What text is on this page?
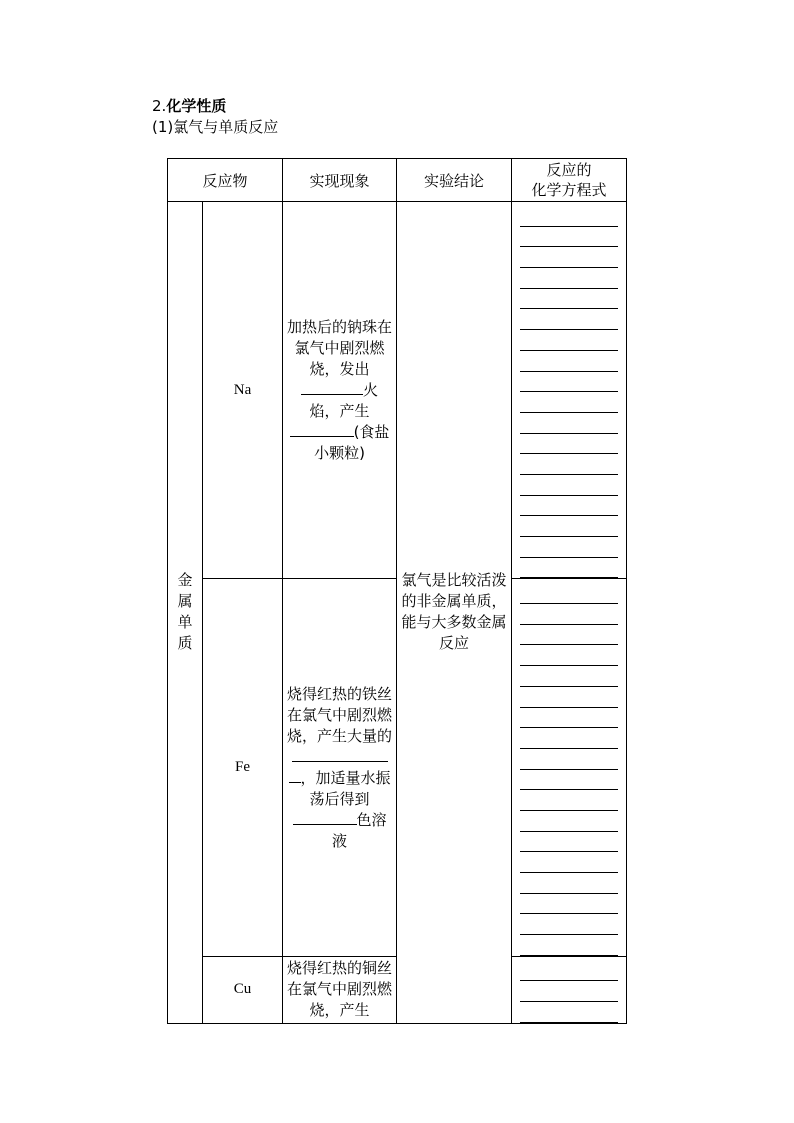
2.化学性质
(1)氯气与单质反应
反应物		实现现象	实验结论	反应的
化学方程式

金
属
单
质	Na	加热后的钠珠在氯气中剧烈燃烧，发出火焰，产生(食盐小颗粒)	氯气是比较活泼的非金属单质，能与大多数金属反应	

	Fe	烧得红热的铁丝在氯气中剧烈燃烧，产生大量的，加适量水振荡后得到色溶液		

	Cu	烧得红热的铜丝在氯气中剧烈燃烧，产生		
